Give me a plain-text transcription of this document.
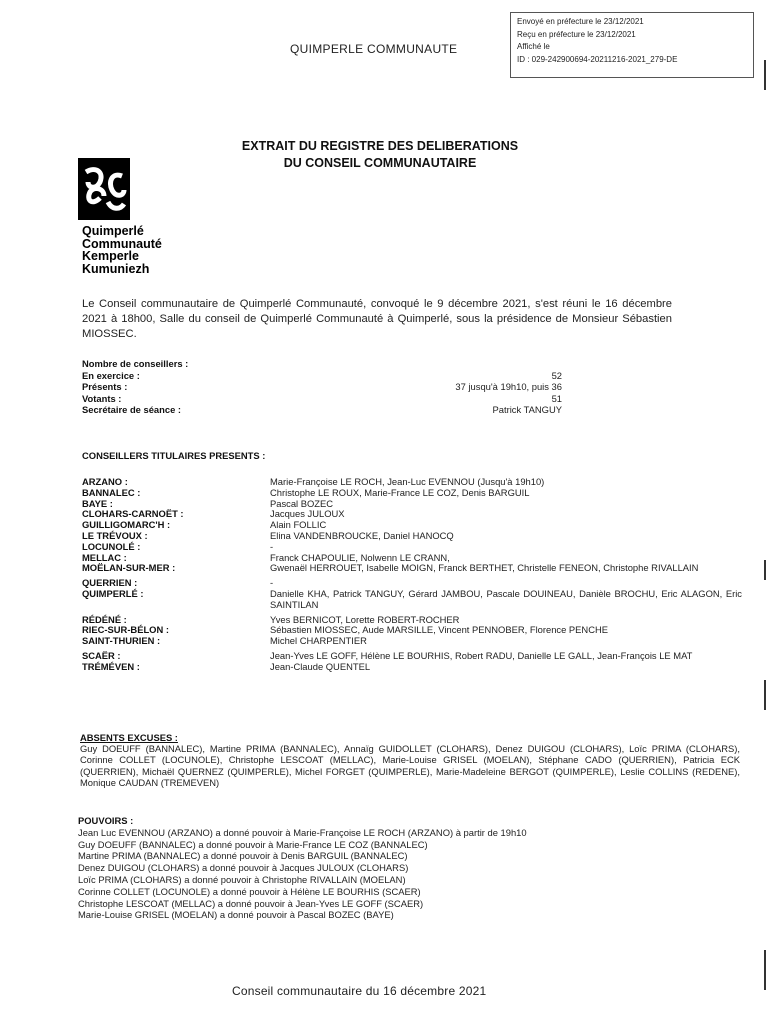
Envoyé en préfecture le 23/12/2021
Reçu en préfecture le 23/12/2021
Affiché le
ID : 029-242900694-20211216-2021_279-DE
QUIMPERLE COMMUNAUTE
Quimperlé
Communauté
Kemperle
Kumuniezh
EXTRAIT DU REGISTRE DES DELIBERATIONS
DU CONSEIL COMMUNAUTAIRE
Le Conseil communautaire de Quimperlé Communauté, convoqué le 9 décembre 2021, s'est réuni le 16 décembre 2021 à 18h00, Salle du conseil de Quimperlé Communauté à Quimperlé, sous la présidence de Monsieur Sébastien MIOSSEC.
Nombre de conseillers :
En exercice :	52
Présents :	37 jusqu'à 19h10, puis 36
Votants :	51
Secrétaire de séance :	Patrick TANGUY
CONSEILLERS TITULAIRES PRESENTS :
ARZANO :	Marie-Françoise LE ROCH, Jean-Luc EVENNOU (Jusqu'à 19h10)
BANNALEC :	Christophe LE ROUX, Marie-France LE COZ, Denis BARGUIL
BAYE :	Pascal BOZEC
CLOHARS-CARNOËT :	Jacques JULOUX
GUILLIGOMARC'H :	Alain FOLLIC
LE TRÉVOUX :	Elina VANDENBROUCKE, Daniel HANOCQ
LOCUNOLÉ :	-
MELLAC :	Franck CHAPOULIE, Nolwenn LE CRANN,
MOËLAN-SUR-MER :	Gwenaël HERROUET, Isabelle MOIGN, Franck BERTHET, Christelle FENEON, Christophe RIVALLAIN
QUERRIEN :	-
QUIMPERLÉ :	Danielle KHA, Patrick TANGUY, Gérard JAMBOU, Pascale DOUINEAU, Danièle BROCHU, Eric ALAGON, Eric SAINTILAN
RÉDÉNÉ :	Yves BERNICOT, Lorette ROBERT-ROCHER
RIEC-SUR-BÉLON :	Sébastien MIOSSEC, Aude MARSILLE, Vincent PENNOBER, Florence PENCHE
SAINT-THURIEN :	Michel CHARPENTIER
SCAËR :	Jean-Yves LE GOFF, Hélène LE BOURHIS, Robert RADU, Danielle LE GALL, Jean-François LE MAT
TRÉMÉVEN :	Jean-Claude QUENTEL
ABSENTS EXCUSES :
Guy DOEUFF (BANNALEC), Martine PRIMA (BANNALEC), Annaïg GUIDOLLET (CLOHARS), Denez DUIGOU (CLOHARS), Loïc PRIMA (CLOHARS), Corinne COLLET (LOCUNOLE), Christophe LESCOAT (MELLAC), Marie-Louise GRISEL (MOELAN), Stéphane CADO (QUERRIEN), Patricia ECK (QUERRIEN), Michaël QUERNEZ (QUIMPERLE), Michel FORGET (QUIMPERLE), Marie-Madeleine BERGOT (QUIMPERLE), Leslie COLLINS (REDENE), Monique CAUDAN (TREMEVEN)
POUVOIRS :
Jean Luc EVENNOU (ARZANO) a donné pouvoir à Marie-Françoise LE ROCH (ARZANO) à partir de 19h10
Guy DOEUFF (BANNALEC) a donné pouvoir à Marie-France LE COZ (BANNALEC)
Martine PRIMA (BANNALEC) a donné pouvoir à Denis BARGUIL (BANNALEC)
Denez DUIGOU (CLOHARS) a donné pouvoir à Jacques JULOUX (CLOHARS)
Loïc PRIMA (CLOHARS) a donné pouvoir à Christophe RIVALLAIN (MOELAN)
Corinne COLLET (LOCUNOLE) a donné pouvoir à Hélène LE BOURHIS (SCAER)
Christophe LESCOAT (MELLAC) a donné pouvoir à Jean-Yves LE GOFF (SCAER)
Marie-Louise GRISEL (MOELAN) a donné pouvoir à Pascal BOZEC (BAYE)
Conseil communautaire du 16 décembre 2021
